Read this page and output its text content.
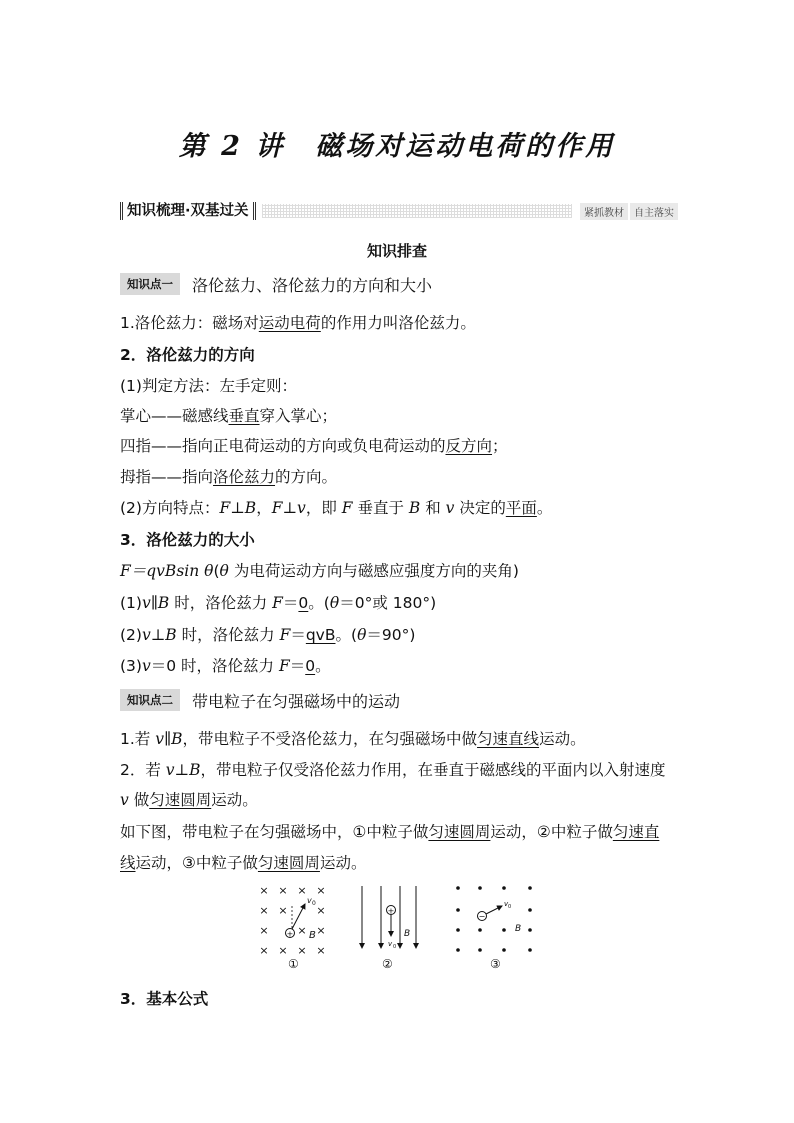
第 2 讲 磁场对运动电荷的作用
知识梳理·双基过关	紧抓教材	自主落实
知识排查
知识点一 洛伦兹力、洛伦兹力的方向和大小
1.洛伦兹力：磁场对运动电荷的作用力叫洛伦兹力。
2．洛伦兹力的方向
(1)判定方法：左手定则：
掌心——磁感线垂直穿入掌心；
四指——指向正电荷运动的方向或负电荷运动的反方向；
拇指——指向洛伦兹力的方向。
(2)方向特点：F⊥B，F⊥v，即 F 垂直于 B 和 v 决定的平面。
3．洛伦兹力的大小
F＝qvBsin θ(θ 为电荷运动方向与磁感应强度方向的夹角)
(1)v∥B 时，洛伦兹力 F＝0。(θ＝0°或 180°)
(2)v⊥B 时，洛伦兹力 F＝qvB。(θ＝90°)
(3)v＝0 时，洛伦兹力 F＝0。
知识点二 带电粒子在匀强磁场中的运动
1.若 v∥B，带电粒子不受洛伦兹力，在匀强磁场中做匀速直线运动。
2．若 v⊥B，带电粒子仅受洛伦兹力作用，在垂直于磁感线的平面内以入射速度
v 做匀速圆周运动。
如下图，带电粒子在匀强磁场中，①中粒子做匀速圆周运动，②中粒子做匀速直
线运动，③中粒子做匀速圆周运动。
× × × ×
× ×	×
×	× ×
× × × ×
+
v 0
B
①
+
v 0
B
②
−
v 0
B
③
3．基本公式
